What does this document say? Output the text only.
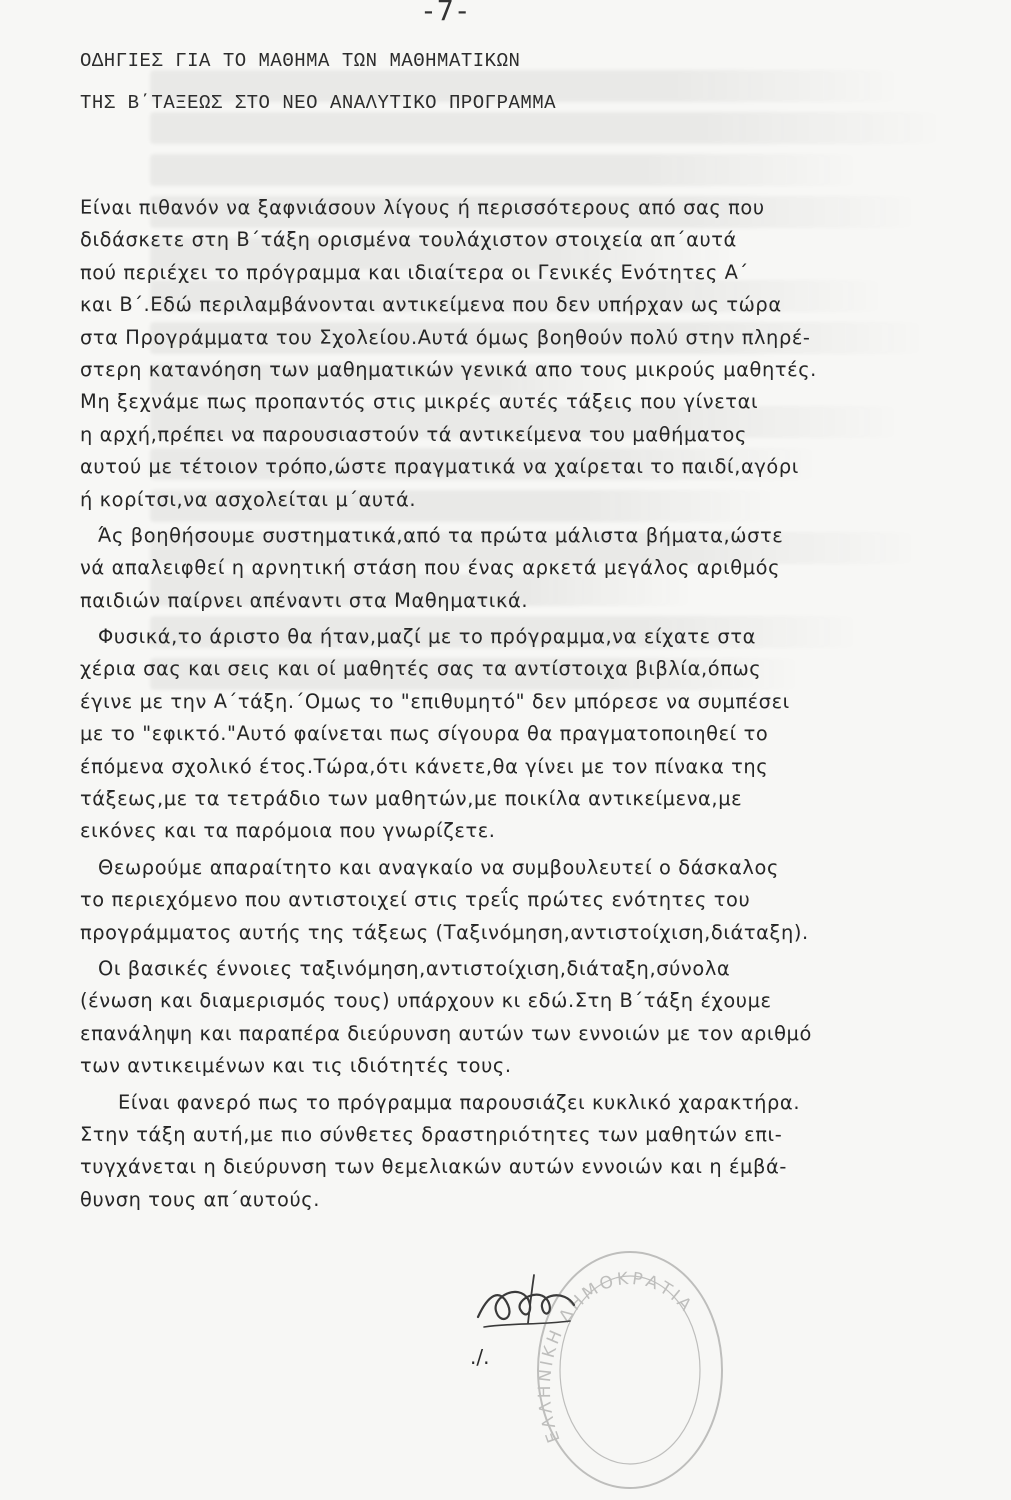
-7-
ΟΔΗΓΙΕΣ ΓΙΑ ΤΟ ΜΑΘΗΜΑ ΤΩΝ ΜΑΘΗΜΑΤΙΚΩΝ
ΤΗΣ Β΄ΤΑΞΕΩΣ ΣΤΟ ΝΕΟ ΑΝΑΛΥΤΙΚΟ ΠΡΟΓΡΑΜΜΑ
Είναι πιθανόν να ξαφνιάσουν λίγους ή περισσότερους από σας που
διδάσκετε στη Β΄τάξη ορισμένα τουλάχιστον στοιχεία απ΄αυτά
πού περιέχει το πρόγραμμα και ιδιαίτερα οι Γενικές Ενότητες Α΄
και Β΄.Εδώ περιλαμβάνονται αντικείμενα που δεν υπήρχαν ως τώρα
στα Προγράμματα του Σχολείου.Αυτά όμως βοηθούν πολύ στην πληρέ-
στερη κατανόηση των μαθηματικών γενικά απο τους μικρούς μαθητές.
Μη ξεχνάμε πως προπαντός στις μικρές αυτές τάξεις που γίνεται
η αρχή,πρέπει να παρουσιαστούν τά αντικείμενα του μαθήματος
αυτού με τέτοιον τρόπο,ώστε πραγματικά να χαίρεται το παιδί,αγόρι
ή κορίτσι,να ασχολείται μ΄αυτά.
Άς βοηθήσουμε συστηματικά,από τα πρώτα μάλιστα βήματα,ώστε
νά απαλειφθεί η αρνητική στάση που ένας αρκετά μεγάλος αριθμός
παιδιών παίρνει απέναντι στα Μαθηματικά.
Φυσικά,το άριστο θα ήταν,μαζί με το πρόγραμμα,να είχατε στα
χέρια σας και σεις και οί μαθητές σας τα αντίστοιχα βιβλία,όπως
έγινε με την Α΄τάξη.΄Ομως το "επιθυμητό" δεν μπόρεσε να συμπέσει
με το "εφικτό."Αυτό φαίνεται πως σίγουρα θα πραγματοποιηθεί το
έπόμενα σχολικό έτος.Τώρα,ότι κάνετε,θα γίνει με τον πίνακα της
τάξεως,με τα τετράδιο των μαθητών,με ποικίλα αντικείμενα,με
εικόνες και τα παρόμοια που γνωρίζετε.
Θεωρούμε απαραίτητο και αναγκαίο να συμβουλευτεί ο δάσκαλος
το περιεχόμενο που αντιστοιχεί στις τρεΐς πρώτες ενότητες του
προγράμματος αυτής της τάξεως (Ταξινόμηση,αντιστοίχιση,διάταξη).
Οι βασικές έννοιες ταξινόμηση,αντιστοίχιση,διάταξη,σύνολα
(ένωση και διαμερισμός τους) υπάρχουν κι εδώ.Στη Β΄τάξη έχουμε
επανάληψη και παραπέρα διεύρυνση αυτών των εννοιών με τον αριθμό
των αντικειμένων και τις ιδιότητές τους.
Είναι φανερό πως το πρόγραμμα παρουσιάζει κυκλικό χαρακτήρα.
Στην τάξη αυτή,με πιο σύνθετες δραστηριότητες των μαθητών επι-
τυγχάνεται η διεύρυνση των θεμελιακών αυτών εννοιών και η έμβά-
θυνση τους απ΄αυτούς.
./.
ΕΛΛΗΝΙΚΗ ΔΗΜΟΚΡΑΤΙΑ
